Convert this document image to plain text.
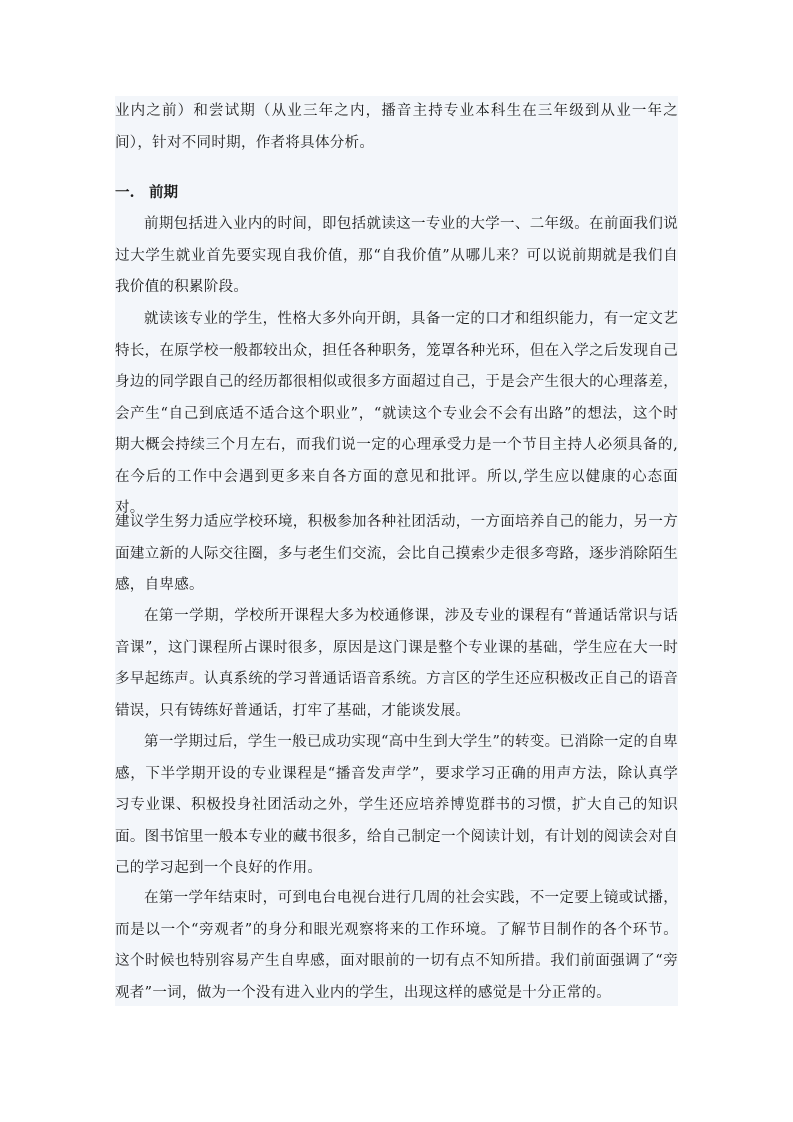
业内之前）和尝试期（从业三年之内，播音主持专业本科生在三年级到从业一年之间），针对不同时期，作者将具体分析。

一.　前期

前期包括进入业内的时间，即包括就读这一专业的大学一、二年级。在前面我们说过大学生就业首先要实现自我价值，那“自我价值”从哪儿来？可以说前期就是我们自我价值的积累阶段。

就读该专业的学生，性格大多外向开朗，具备一定的口才和组织能力，有一定文艺特长，在原学校一般都较出众，担任各种职务，笼罩各种光环，但在入学之后发现自己身边的同学跟自己的经历都很相似或很多方面超过自己，于是会产生很大的心理落差，会产生“自己到底适不适合这个职业”，“就读这个专业会不会有出路”的想法，这个时期大概会持续三个月左右，而我们说一定的心理承受力是一个节目主持人必须具备的,在今后的工作中会遇到更多来自各方面的意见和批评。所以,学生应以健康的心态面对。

建议学生努力适应学校环境，积极参加各种社团活动，一方面培养自己的能力，另一方面建立新的人际交往圈，多与老生们交流，会比自己摸索少走很多弯路，逐步消除陌生感，自卑感。

在第一学期，学校所开课程大多为校通修课，涉及专业的课程有“普通话常识与话音课”，这门课程所占课时很多，原因是这门课是整个专业课的基础，学生应在大一时多早起练声。认真系统的学习普通话语音系统。方言区的学生还应积极改正自己的语音错误，只有铸练好普通话，打牢了基础，才能谈发展。

第一学期过后，学生一般已成功实现“高中生到大学生”的转变。已消除一定的自卑感，下半学期开设的专业课程是“播音发声学”，要求学习正确的用声方法，除认真学习专业课、积极投身社团活动之外，学生还应培养博览群书的习惯，扩大自己的知识面。图书馆里一般本专业的藏书很多，给自己制定一个阅读计划，有计划的阅读会对自己的学习起到一个良好的作用。

在第一学年结束时，可到电台电视台进行几周的社会实践，不一定要上镜或试播，而是以一个“旁观者”的身分和眼光观察将来的工作环境。了解节目制作的各个环节。这个时候也特别容易产生自卑感，面对眼前的一切有点不知所措。我们前面强调了“旁观者”一词，做为一个没有进入业内的学生，出现这样的感觉是十分正常的。
